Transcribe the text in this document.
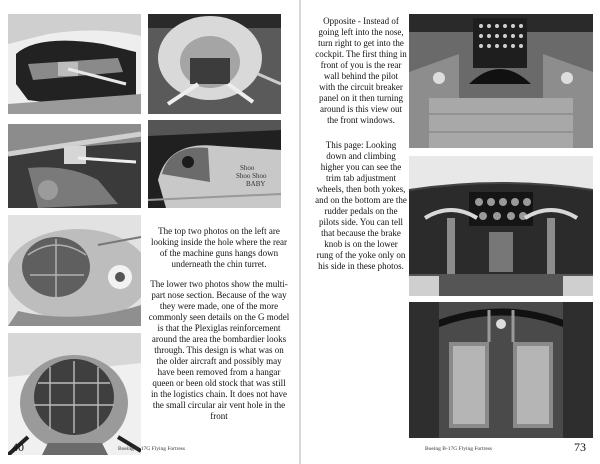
Shoo
Shoo Shoo
BABY

The top two photos on the left are looking inside the hole where the rear of the machine guns hangs down underneath the chin turret.

The lower two photos show the multi-part nose section. Because of the way they were made, one of the more commonly seen details on the G model is that the Plexiglas reinforcement around the area the bombardier looks through. This design is what was on the older aircraft and possibly may have been removed from a hangar queen or been old stock that was still in the logistics chain. It does not have the small circular air vent hole in the front

40	Boeing B-17G Flying Fortress

Opposite - Instead of going left into the nose, turn right to get into the cockpit. The first thing in front of you is the rear wall behind the pilot with the circuit breaker panel on it then turning around is this view out the front windows.

This page: Looking down and climbing higher you can see the trim tab adjustment wheels, then both yokes, and on the bottom are the rudder pedals on the pilots side. You can tell that because the brake knob is on the lower rung of the yoke only on his side in these photos.

Boeing B-17G Flying Fortress	73
